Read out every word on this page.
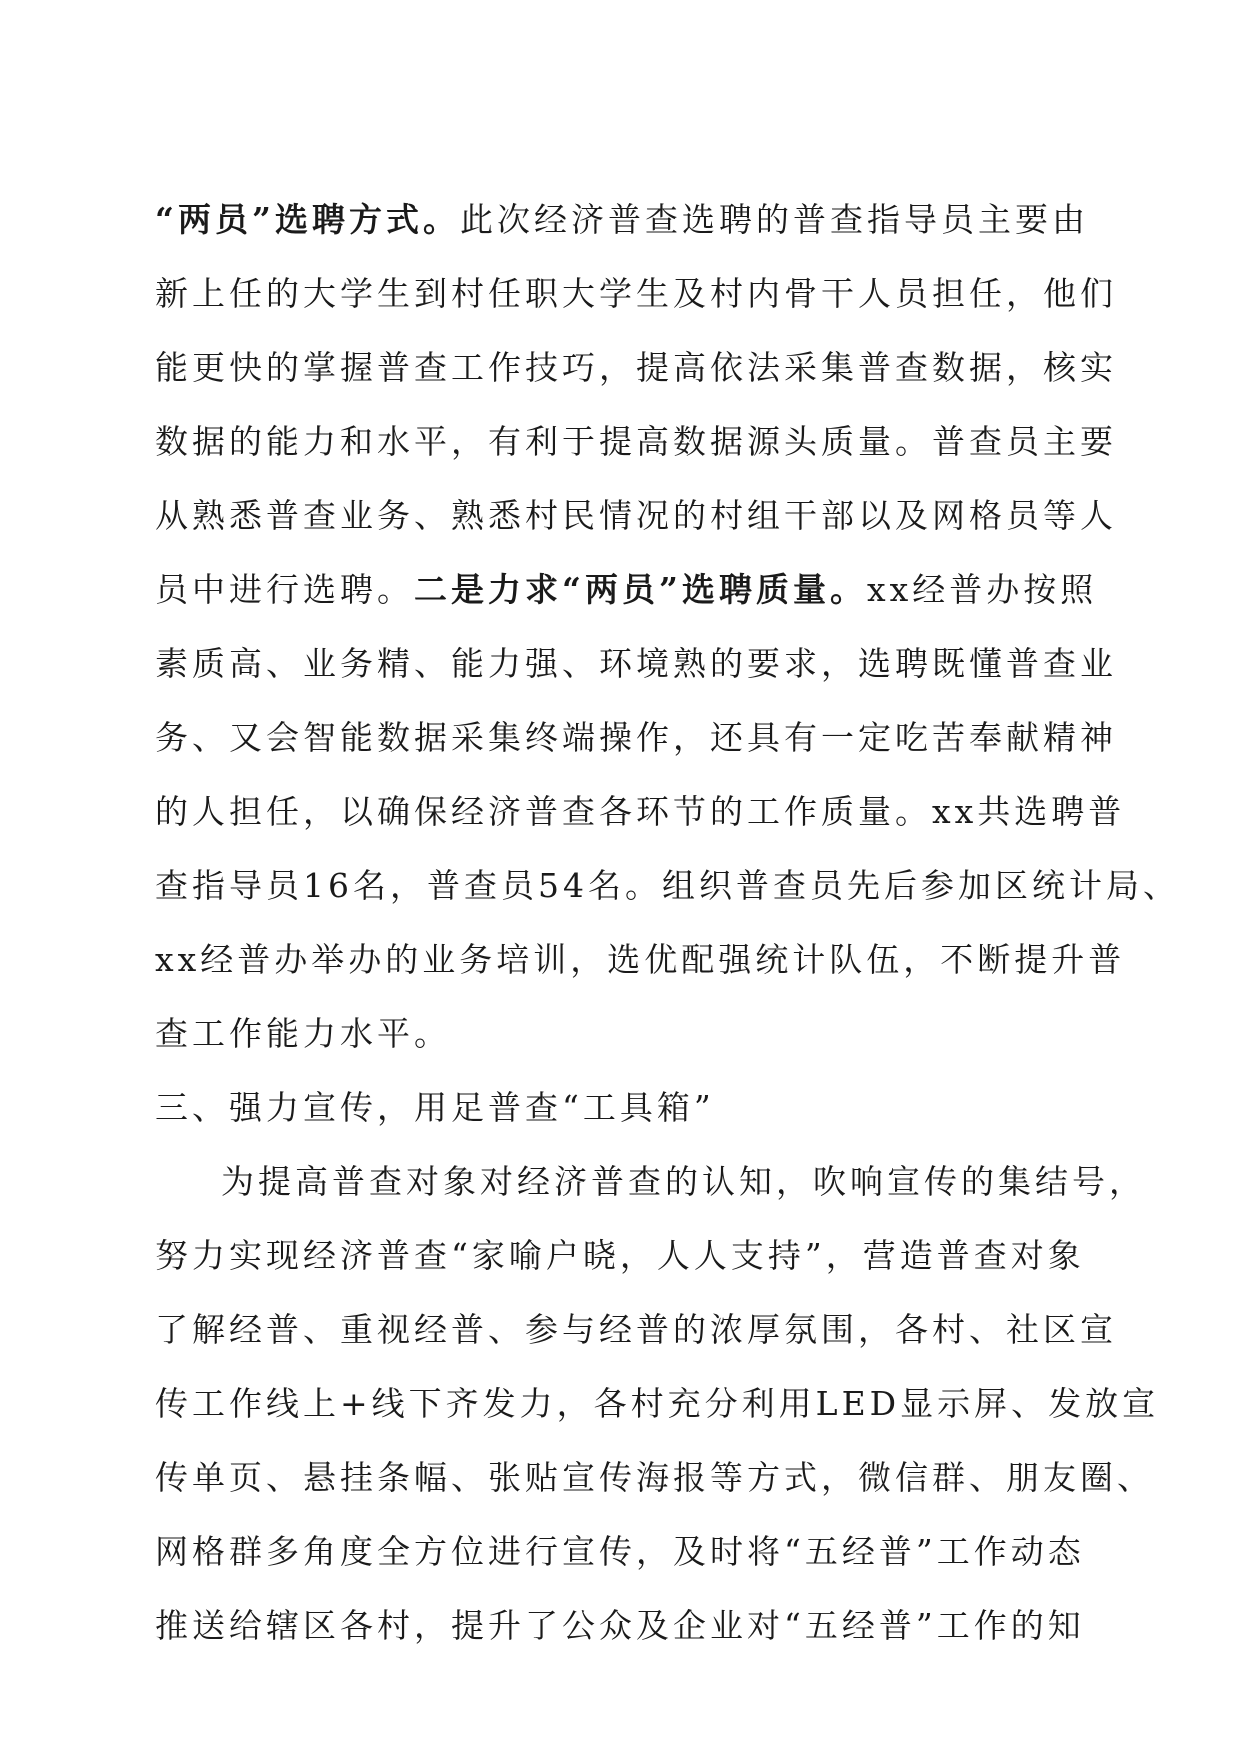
“两员”选聘方式。此次经济普查选聘的普查指导员主要由
新上任的大学生到村任职大学生及村内骨干人员担任，他们
能更快的掌握普查工作技巧，提高依法采集普查数据，核实
数据的能力和水平，有利于提高数据源头质量。普查员主要
从熟悉普查业务、熟悉村民情况的村组干部以及网格员等人
员中进行选聘。二是力求“两员”选聘质量。xx经普办按照
素质高、业务精、能力强、环境熟的要求，选聘既懂普查业
务、又会智能数据采集终端操作，还具有一定吃苦奉献精神
的人担任，以确保经济普查各环节的工作质量。xx共选聘普
查指导员16名，普查员54名。组织普查员先后参加区统计局、
xx经普办举办的业务培训，选优配强统计队伍，不断提升普
查工作能力水平。
三、强力宣传，用足普查“工具箱”
为提高普查对象对经济普查的认知，吹响宣传的集结号，
努力实现经济普查“家喻户晓，人人支持”，营造普查对象
了解经普、重视经普、参与经普的浓厚氛围，各村、社区宣
传工作线上+线下齐发力，各村充分利用LED显示屏、发放宣
传单页、悬挂条幅、张贴宣传海报等方式，微信群、朋友圈、
网格群多角度全方位进行宣传，及时将“五经普”工作动态
推送给辖区各村，提升了公众及企业对“五经普”工作的知
